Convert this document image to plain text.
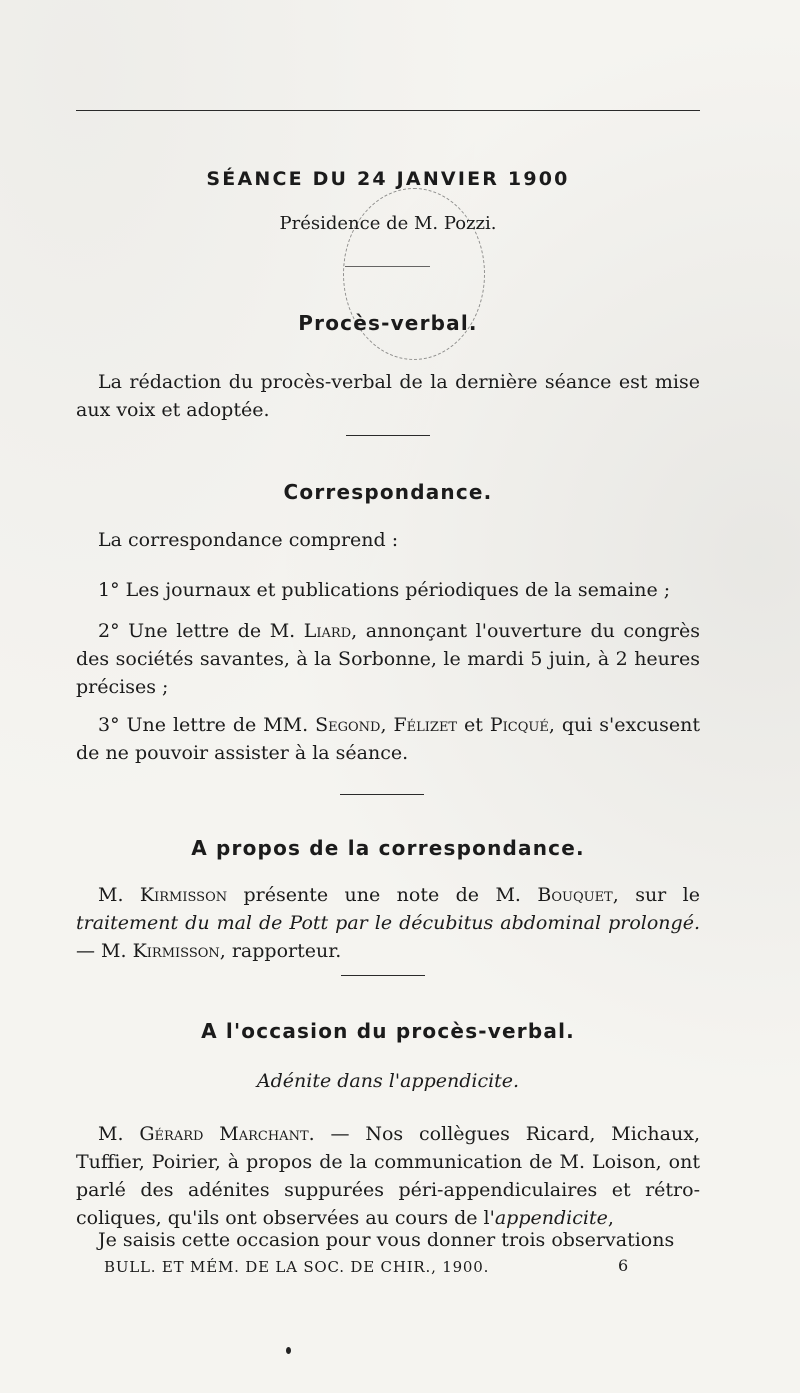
SÉANCE DU 24 JANVIER 1900
Présidence de M. Pozzi.
Procès-verbal.
La rédaction du procès-verbal de la dernière séance est mise aux voix et adoptée.
Correspondance.
La correspondance comprend :
1° Les journaux et publications périodiques de la semaine ;
2° Une lettre de M. Liard, annonçant l'ouverture du congrès des sociétés savantes, à la Sorbonne, le mardi 5 juin, à 2 heures précises ;
3° Une lettre de MM. Segond, Félizet et Picqué, qui s'excusent de ne pouvoir assister à la séance.
A propos de la correspondance.
M. Kirmisson présente une note de M. Bouquet, sur le traitement du mal de Pott par le décubitus abdominal prolongé. — M. Kirmisson, rapporteur.
A l'occasion du procès-verbal.
Adénite dans l'appendicite.
M. Gérard Marchant. — Nos collègues Ricard, Michaux, Tuffier, Poirier, à propos de la communication de M. Loison, ont parlé des adénites suppurées péri-appendiculaires et rétro-coliques, qu'ils ont observées au cours de l'appendicite,
Je saisis cette occasion pour vous donner trois observations
BULL. ET MÉM. DE LA SOC. DE CHIR., 1900.	6
